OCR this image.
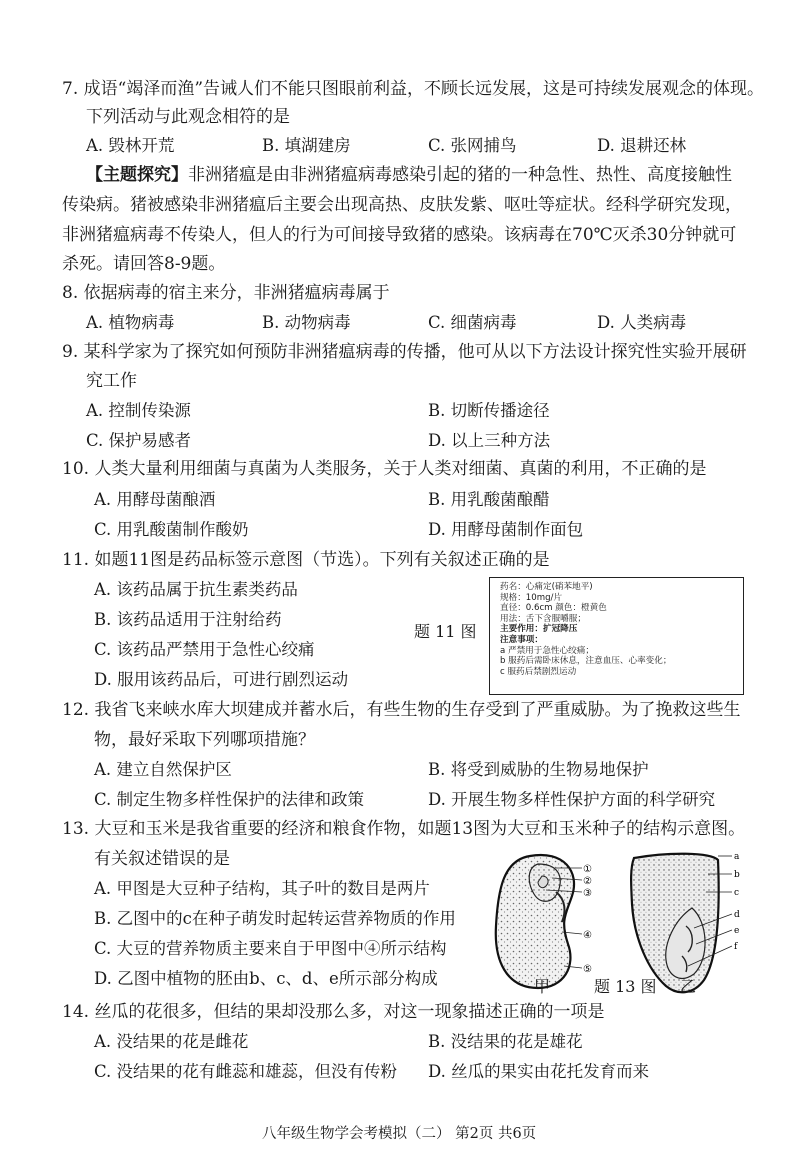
7. 成语“竭泽而渔”告诫人们不能只图眼前利益，不顾长远发展，这是可持续发展观念的体现。
下列活动与此观念相符的是
A. 毁林开荒	B. 填湖建房	C. 张网捕鸟	D. 退耕还林
【主题探究】非洲猪瘟是由非洲猪瘟病毒感染引起的猪的一种急性、热性、高度接触性
传染病。猪被感染非洲猪瘟后主要会出现高热、皮肤发紫、呕吐等症状。经科学研究发现，
非洲猪瘟病毒不传染人，但人的行为可间接导致猪的感染。该病毒在70℃灭杀30分钟就可
杀死。请回答8-9题。
8. 依据病毒的宿主来分，非洲猪瘟病毒属于
A. 植物病毒	B. 动物病毒	C. 细菌病毒	D. 人类病毒
9. 某科学家为了探究如何预防非洲猪瘟病毒的传播，他可从以下方法设计探究性实验开展研
究工作
A. 控制传染源	B. 切断传播途径
C. 保护易感者	D. 以上三种方法
10. 人类大量利用细菌与真菌为人类服务，关于人类对细菌、真菌的利用，不正确的是
A. 用酵母菌酿酒	B. 用乳酸菌酿醋
C. 用乳酸菌制作酸奶	D. 用酵母菌制作面包
11. 如题11图是药品标签示意图（节选）。下列有关叙述正确的是
A. 该药品属于抗生素类药品
B. 该药品适用于注射给药
C. 该药品严禁用于急性心绞痛
D. 服用该药品后，可进行剧烈运动
题 11 图
药名：心痛定(硝苯地平)
规格：10mg/片
直径：0.6cm 颜色：橙黄色
用法：舌下含服嚼服；
主要作用：扩冠降压
注意事项：
a 严禁用于急性心绞痛；
b 服药后需卧床休息，注意血压、心率变化；
c 服药后禁剧烈运动
12. 我省飞来峡水库大坝建成并蓄水后，有些生物的生存受到了严重威胁。为了挽救这些生
物，最好采取下列哪项措施？
A. 建立自然保护区	B. 将受到威胁的生物易地保护
C. 制定生物多样性保护的法律和政策	D. 开展生物多样性保护方面的科学研究
13. 大豆和玉米是我省重要的经济和粮食作物，如题13图为大豆和玉米种子的结构示意图。
有关叙述错误的是
A. 甲图是大豆种子结构，其子叶的数目是两片
B. 乙图中的c在种子萌发时起转运营养物质的作用
C. 大豆的营养物质主要来自于甲图中④所示结构
D. 乙图中植物的胚由b、c、d、e所示部分构成
①
②
③
④
⑤
a
b
c
d
e
f
甲	题 13 图 乙
14. 丝瓜的花很多，但结的果却没那么多，对这一现象描述正确的一项是
A. 没结果的花是雌花	B. 没结果的花是雄花
C. 没结果的花有雌蕊和雄蕊，但没有传粉 D. 丝瓜的果实由花托发育而来
八年级生物学会考模拟（二） 第2页 共6页
